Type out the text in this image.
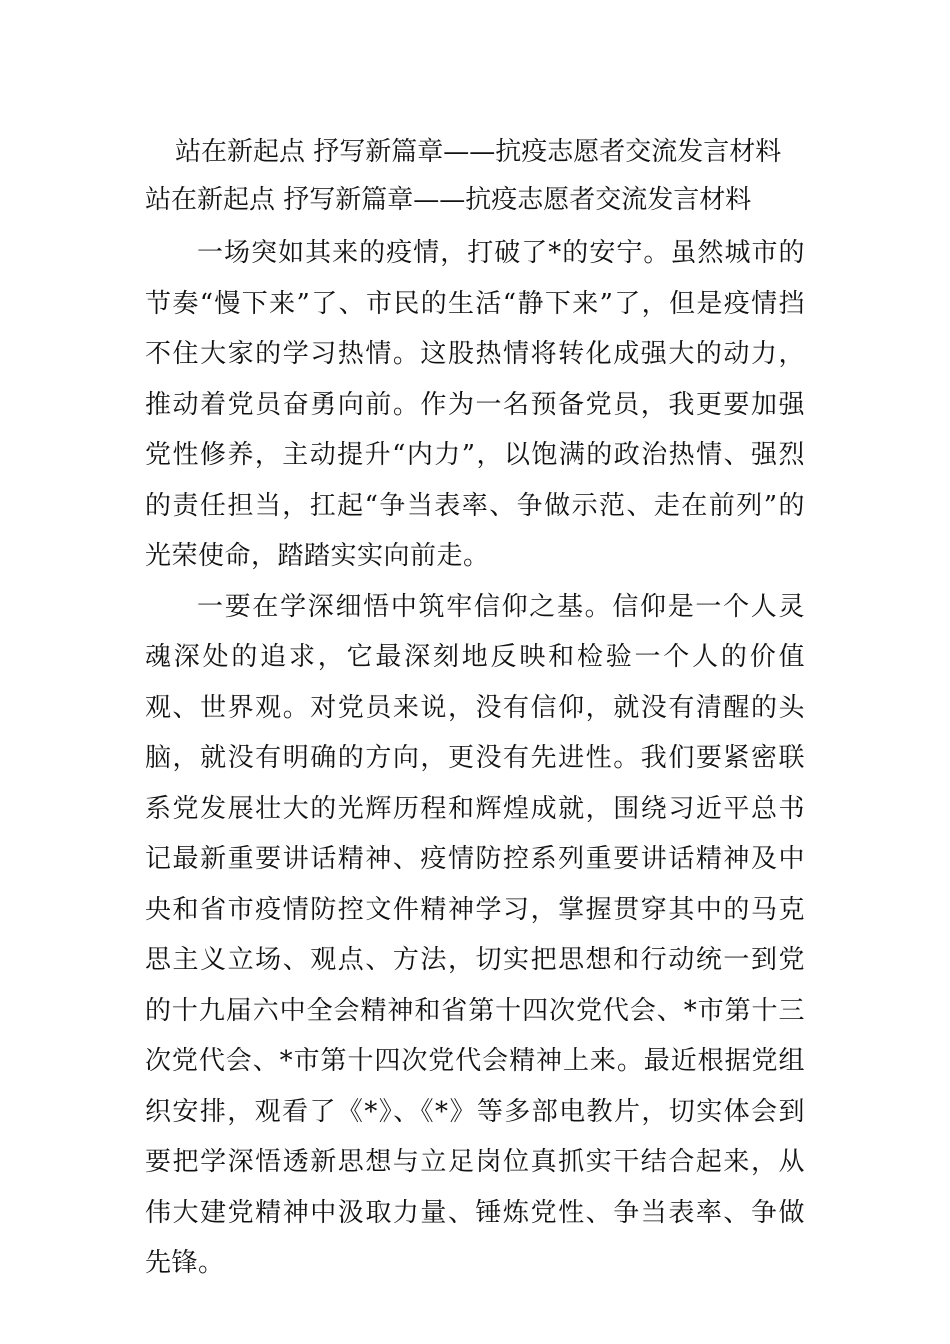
站在新起点 抒写新篇章——抗疫志愿者交流发言材料
站在新起点 抒写新篇章——抗疫志愿者交流发言材料

一场突如其来的疫情，打破了*的安宁。虽然城市的节奏“慢下来”了、市民的生活“静下来”了，但是疫情挡不住大家的学习热情。这股热情将转化成强大的动力，推动着党员奋勇向前。作为一名预备党员，我更要加强党性修养，主动提升“内力”，以饱满的政治热情、强烈的责任担当，扛起“争当表率、争做示范、走在前列”的光荣使命，踏踏实实向前走。

一要在学深细悟中筑牢信仰之基。信仰是一个人灵魂深处的追求，它最深刻地反映和检验一个人的价值观、世界观。对党员来说，没有信仰，就没有清醒的头脑，就没有明确的方向，更没有先进性。我们要紧密联系党发展壮大的光辉历程和辉煌成就，围绕习近平总书记最新重要讲话精神、疫情防控系列重要讲话精神及中央和省市疫情防控文件精神学习，掌握贯穿其中的马克思主义立场、观点、方法，切实把思想和行动统一到党的十九届六中全会精神和省第十四次党代会、*市第十三次党代会、*市第十四次党代会精神上来。最近根据党组织安排，观看了《*》、《*》等多部电教片，切实体会到要把学深悟透新思想与立足岗位真抓实干结合起来，从伟大建党精神中汲取力量、锤炼党性、争当表率、争做先锋。
